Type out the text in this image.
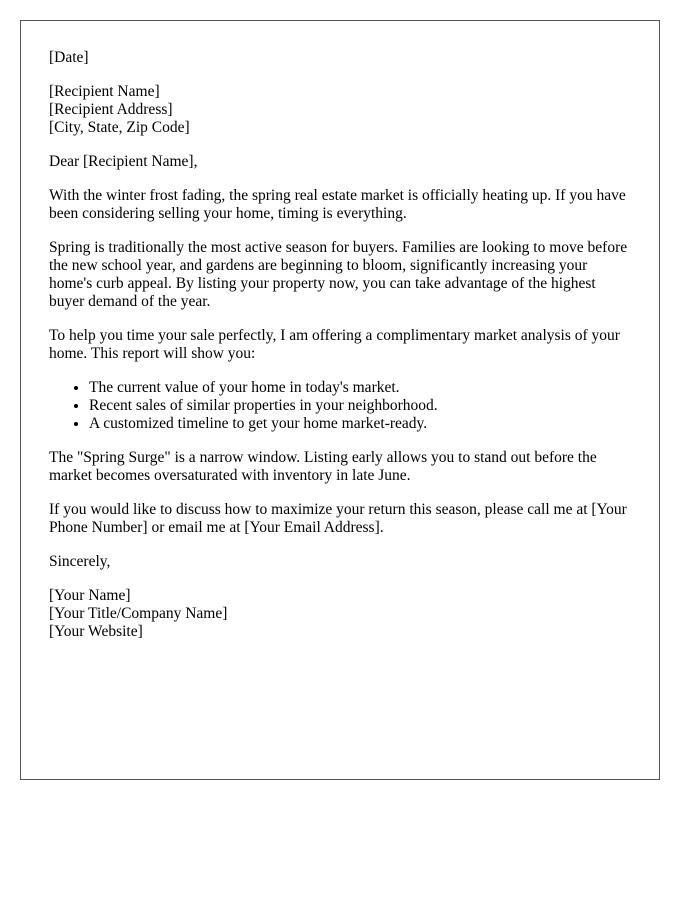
[Date]
[Recipient Name]
[Recipient Address]
[City, State, Zip Code]
Dear [Recipient Name],

With the winter frost fading, the spring real estate market is officially heating up. If you have been considering selling your home, timing is everything.

Spring is traditionally the most active season for buyers. Families are looking to move before the new school year, and gardens are beginning to bloom, significantly increasing your home's curb appeal. By listing your property now, you can take advantage of the highest buyer demand of the year.

To help you time your sale perfectly, I am offering a complimentary market analysis of your home. This report will show you:

• The current value of your home in today's market.
• Recent sales of similar properties in your neighborhood.
• A customized timeline to get your home market-ready.

The "Spring Surge" is a narrow window. Listing early allows you to stand out before the market becomes oversaturated with inventory in late June.

If you would like to discuss how to maximize your return this season, please call me at [Your Phone Number] or email me at [Your Email Address].

Sincerely,
[Your Name]
[Your Title/Company Name]
[Your Website]
